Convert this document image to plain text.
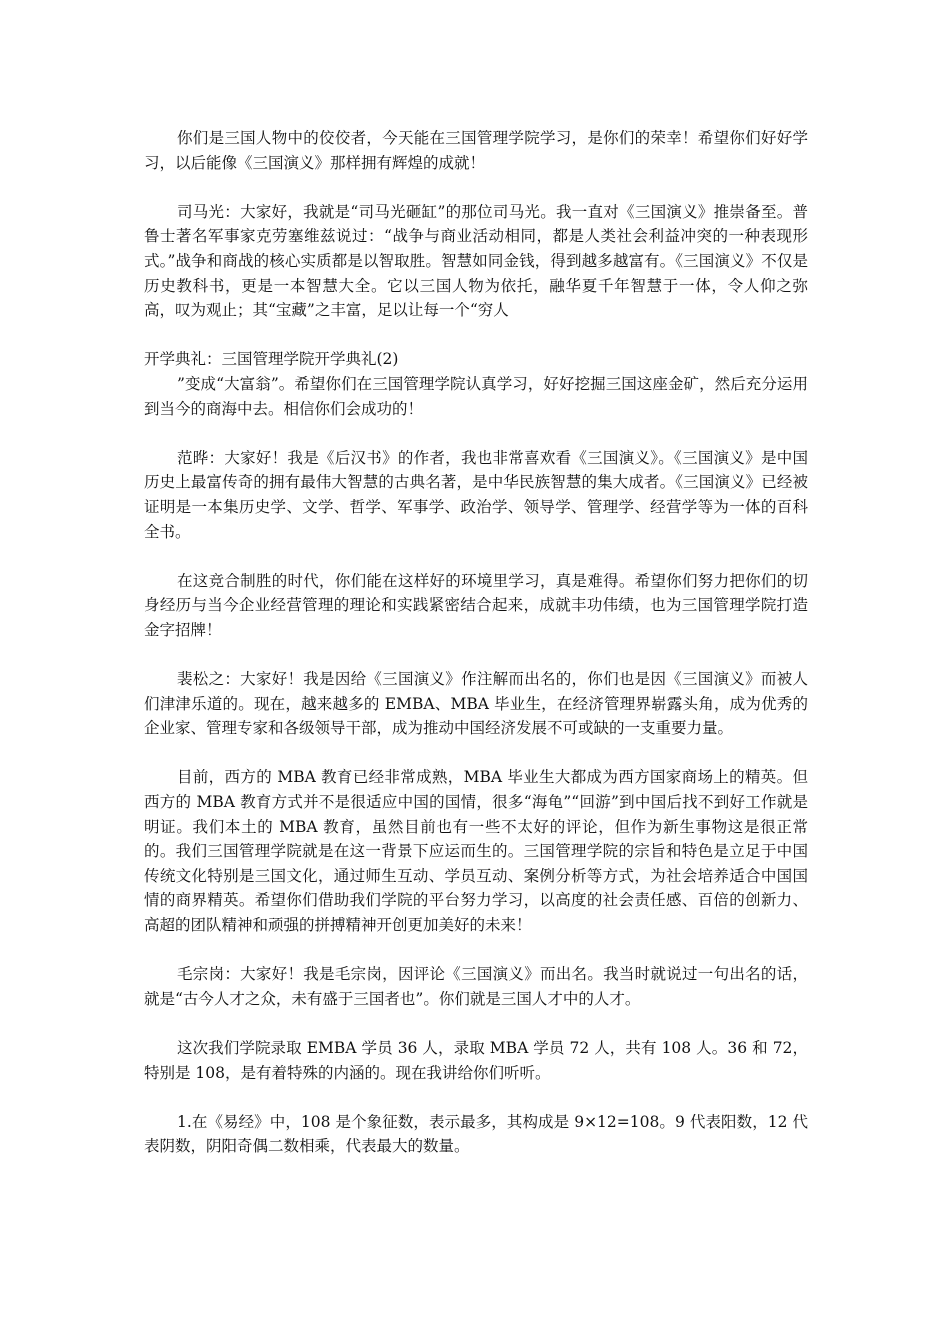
你们是三国人物中的佼佼者，今天能在三国管理学院学习，是你们的荣幸！希望你们好好学习，以后能像《三国演义》那样拥有辉煌的成就！

司马光：大家好，我就是“司马光砸缸”的那位司马光。我一直对《三国演义》推崇备至。普鲁士著名军事家克劳塞维兹说过：“战争与商业活动相同，都是人类社会利益冲突的一种表现形式。”战争和商战的核心实质都是以智取胜。智慧如同金钱，得到越多越富有。《三国演义》不仅是历史教科书，更是一本智慧大全。它以三国人物为依托，融华夏千年智慧于一体，令人仰之弥高，叹为观止；其“宝藏”之丰富，足以让每一个“穷人

开学典礼：三国管理学院开学典礼(2)

”变成“大富翁”。希望你们在三国管理学院认真学习，好好挖掘三国这座金矿，然后充分运用到当今的商海中去。相信你们会成功的！

范晔：大家好！我是《后汉书》的作者，我也非常喜欢看《三国演义》。《三国演义》是中国历史上最富传奇的拥有最伟大智慧的古典名著，是中华民族智慧的集大成者。《三国演义》已经被证明是一本集历史学、文学、哲学、军事学、政治学、领导学、管理学、经营学等为一体的百科全书。

在这竞合制胜的时代，你们能在这样好的环境里学习，真是难得。希望你们努力把你们的切身经历与当今企业经营管理的理论和实践紧密结合起来，成就丰功伟绩，也为三国管理学院打造金字招牌！

裴松之：大家好！我是因给《三国演义》作注解而出名的，你们也是因《三国演义》而被人们津津乐道的。现在，越来越多的 EMBA、MBA 毕业生，在经济管理界崭露头角，成为优秀的企业家、管理专家和各级领导干部，成为推动中国经济发展不可或缺的一支重要力量。

目前，西方的 MBA 教育已经非常成熟，MBA 毕业生大都成为西方国家商场上的精英。但西方的 MBA 教育方式并不是很适应中国的国情，很多“海龟”“回游”到中国后找不到好工作就是明证。我们本土的 MBA 教育，虽然目前也有一些不太好的评论，但作为新生事物这是很正常的。我们三国管理学院就是在这一背景下应运而生的。三国管理学院的宗旨和特色是立足于中国传统文化特别是三国文化，通过师生互动、学员互动、案例分析等方式，为社会培养适合中国国情的商界精英。希望你们借助我们学院的平台努力学习，以高度的社会责任感、百倍的创新力、高超的团队精神和顽强的拼搏精神开创更加美好的未来！

毛宗岗：大家好！我是毛宗岗，因评论《三国演义》而出名。我当时就说过一句出名的话，就是“古今人才之众，未有盛于三国者也”。你们就是三国人才中的人才。

这次我们学院录取 EMBA 学员 36 人，录取 MBA 学员 72 人，共有 108 人。36 和 72，特别是 108，是有着特殊的内涵的。现在我讲给你们听听。

1.在《易经》中，108 是个象征数，表示最多，其构成是 9×12=108。9 代表阳数，12 代表阴数，阴阳奇偶二数相乘，代表最大的数量。
